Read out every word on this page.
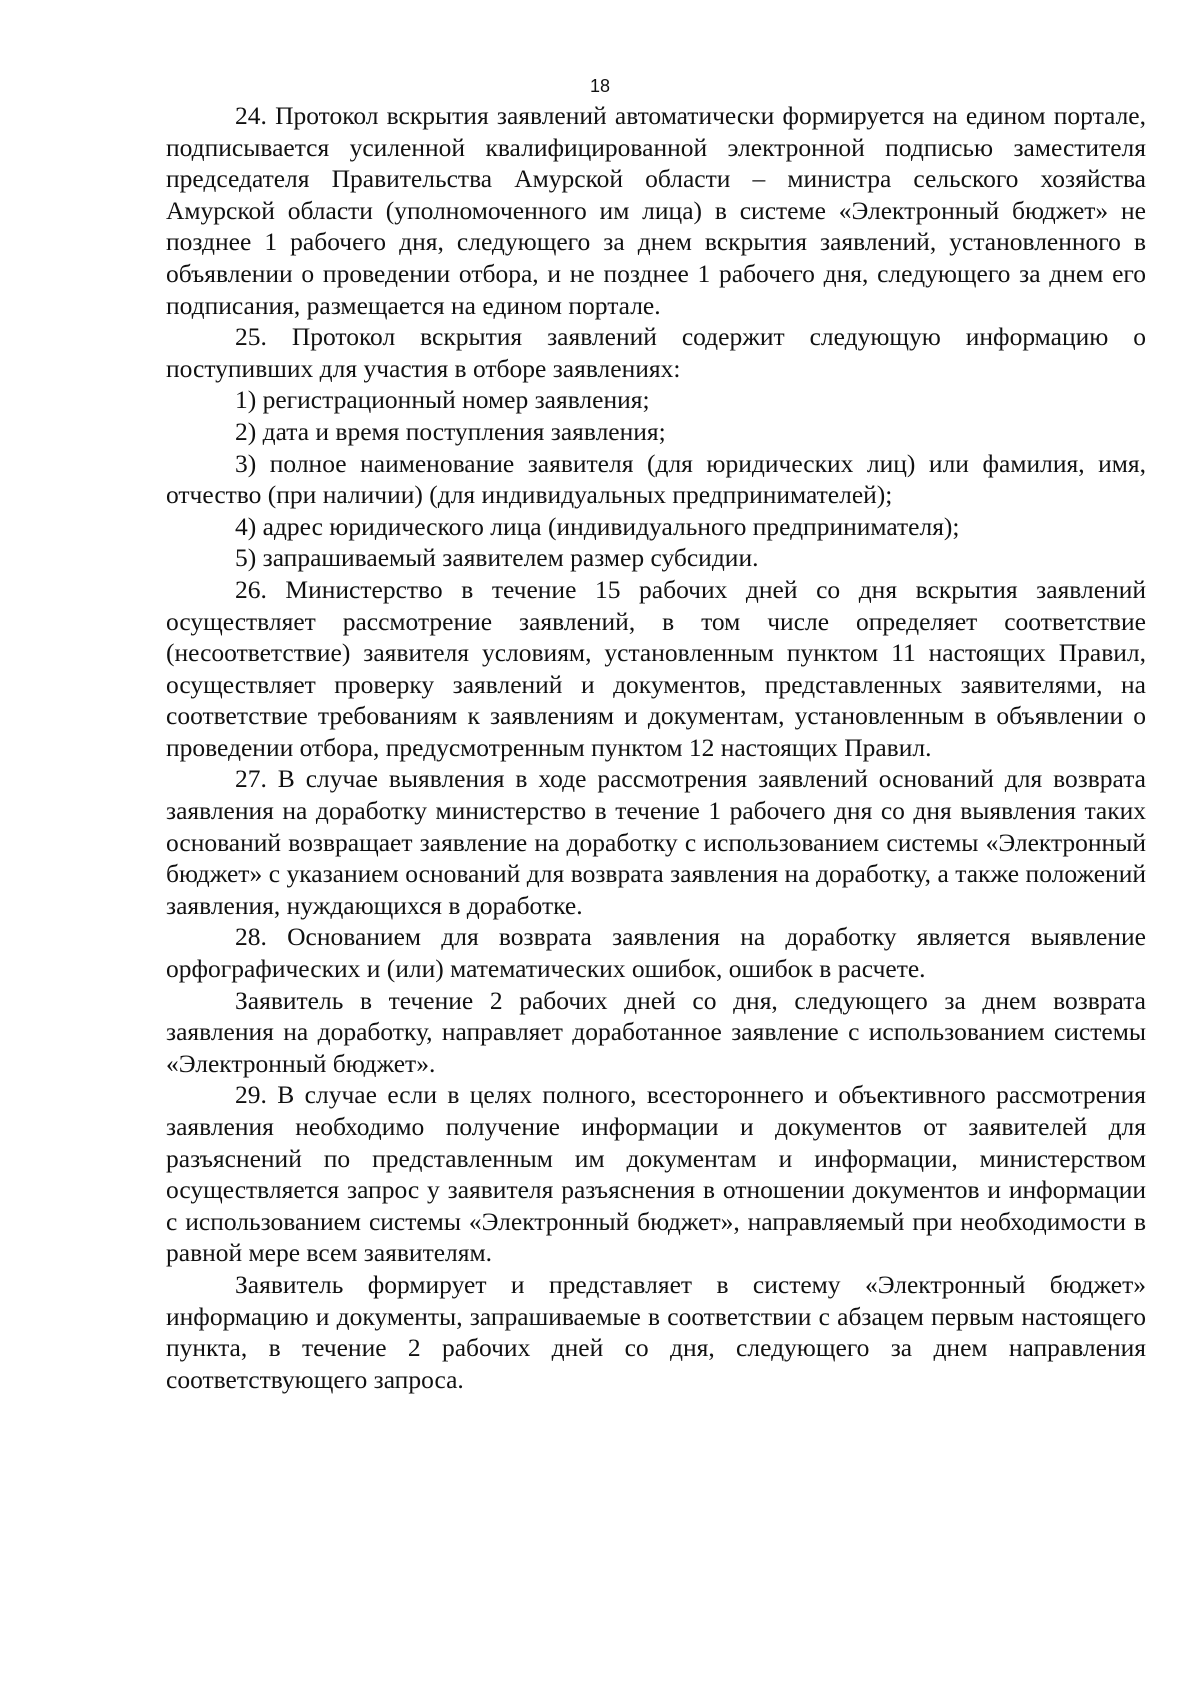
18

24. Протокол вскрытия заявлений автоматически формируется на едином портале, подписывается усиленной квалифицированной электронной подписью заместителя председателя Правительства Амурской области – министра сельского хозяйства Амурской области (уполномоченного им лица) в системе «Электронный бюджет» не позднее 1 рабочего дня, следующего за днем вскрытия заявлений, установленного в объявлении о проведении отбора, и не позднее 1 рабочего дня, следующего за днем его подписания, размещается на едином портале.

25. Протокол вскрытия заявлений содержит следующую информацию о поступивших для участия в отборе заявлениях:

1) регистрационный номер заявления;

2) дата и время поступления заявления;

3) полное наименование заявителя (для юридических лиц) или фамилия, имя, отчество (при наличии) (для индивидуальных предпринимателей);

4) адрес юридического лица (индивидуального предпринимателя);

5) запрашиваемый заявителем размер субсидии.

26. Министерство в течение 15 рабочих дней со дня вскрытия заявлений осуществляет рассмотрение заявлений, в том числе определяет соответствие (несоответствие) заявителя условиям, установленным пунктом 11 настоящих Правил, осуществляет проверку заявлений и документов, представленных заявителями, на соответствие требованиям к заявлениям и документам, установленным в объявлении о проведении отбора, предусмотренным пунктом 12 настоящих Правил.

27. В случае выявления в ходе рассмотрения заявлений оснований для возврата заявления на доработку министерство в течение 1 рабочего дня со дня выявления таких оснований возвращает заявление на доработку с использованием системы «Электронный бюджет» с указанием оснований для возврата заявления на доработку, а также положений заявления, нуждающихся в доработке.

28. Основанием для возврата заявления на доработку является выявление орфографических и (или) математических ошибок, ошибок в расчете.

Заявитель в течение 2 рабочих дней со дня, следующего за днем возврата заявления на доработку, направляет доработанное заявление с использованием системы «Электронный бюджет».

29. В случае если в целях полного, всестороннего и объективного рассмотрения заявления необходимо получение информации и документов от заявителей для разъяснений по представленным им документам и информации, министерством осуществляется запрос у заявителя разъяснения в отношении документов и информации с использованием системы «Электронный бюджет», направляемый при необходимости в равной мере всем заявителям.

Заявитель формирует и представляет в систему «Электронный бюджет» информацию и документы, запрашиваемые в соответствии с абзацем первым настоящего пункта, в течение 2 рабочих дней со дня, следующего за днем направления соответствующего запроса.
